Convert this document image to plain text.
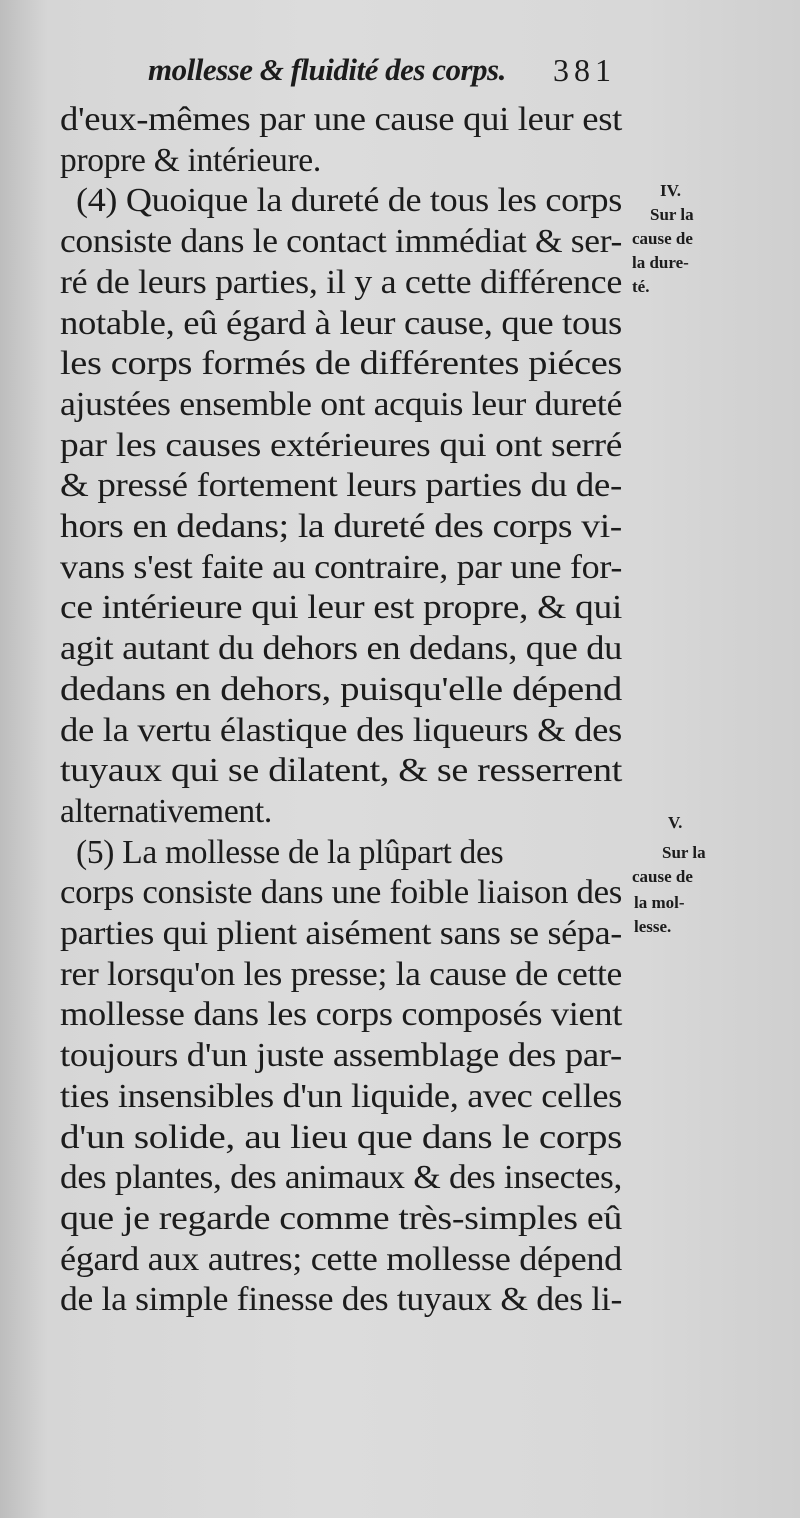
mollesse & fluidité des corps. 381
d'eux-mêmes par une cause qui leur est
propre & intérieure.
(4) Quoique la dureté de tous les corps
consiste dans le contact immédiat & ser-
ré de leurs parties, il y a cette différence
notable, eû égard à leur cause, que tous
les corps formés de différentes piéces
ajustées ensemble ont acquis leur dureté
par les causes extérieures qui ont serré
& pressé fortement leurs parties du de-
hors en dedans; la dureté des corps vi-
vans s'est faite au contraire, par une for-
ce intérieure qui leur est propre, & qui
agit autant du dehors en dedans, que du
dedans en dehors, puisqu'elle dépend
de la vertu élastique des liqueurs & des
tuyaux qui se dilatent, & se resserrent
alternativement.
(5) La mollesse de la plûpart des
corps consiste dans une foible liaison des
parties qui plient aisément sans se sépa-
rer lorsqu'on les presse; la cause de cette
mollesse dans les corps composés vient
toujours d'un juste assemblage des par-
ties insensibles d'un liquide, avec celles
d'un solide, au lieu que dans le corps
des plantes, des animaux & des insectes,
que je regarde comme très-simples eû
égard aux autres; cette mollesse dépend
de la simple finesse des tuyaux & des li-
IV.
Sur la
cause de
la dure-
té.
V.
Sur la
cause de
la mol-
lesse.
